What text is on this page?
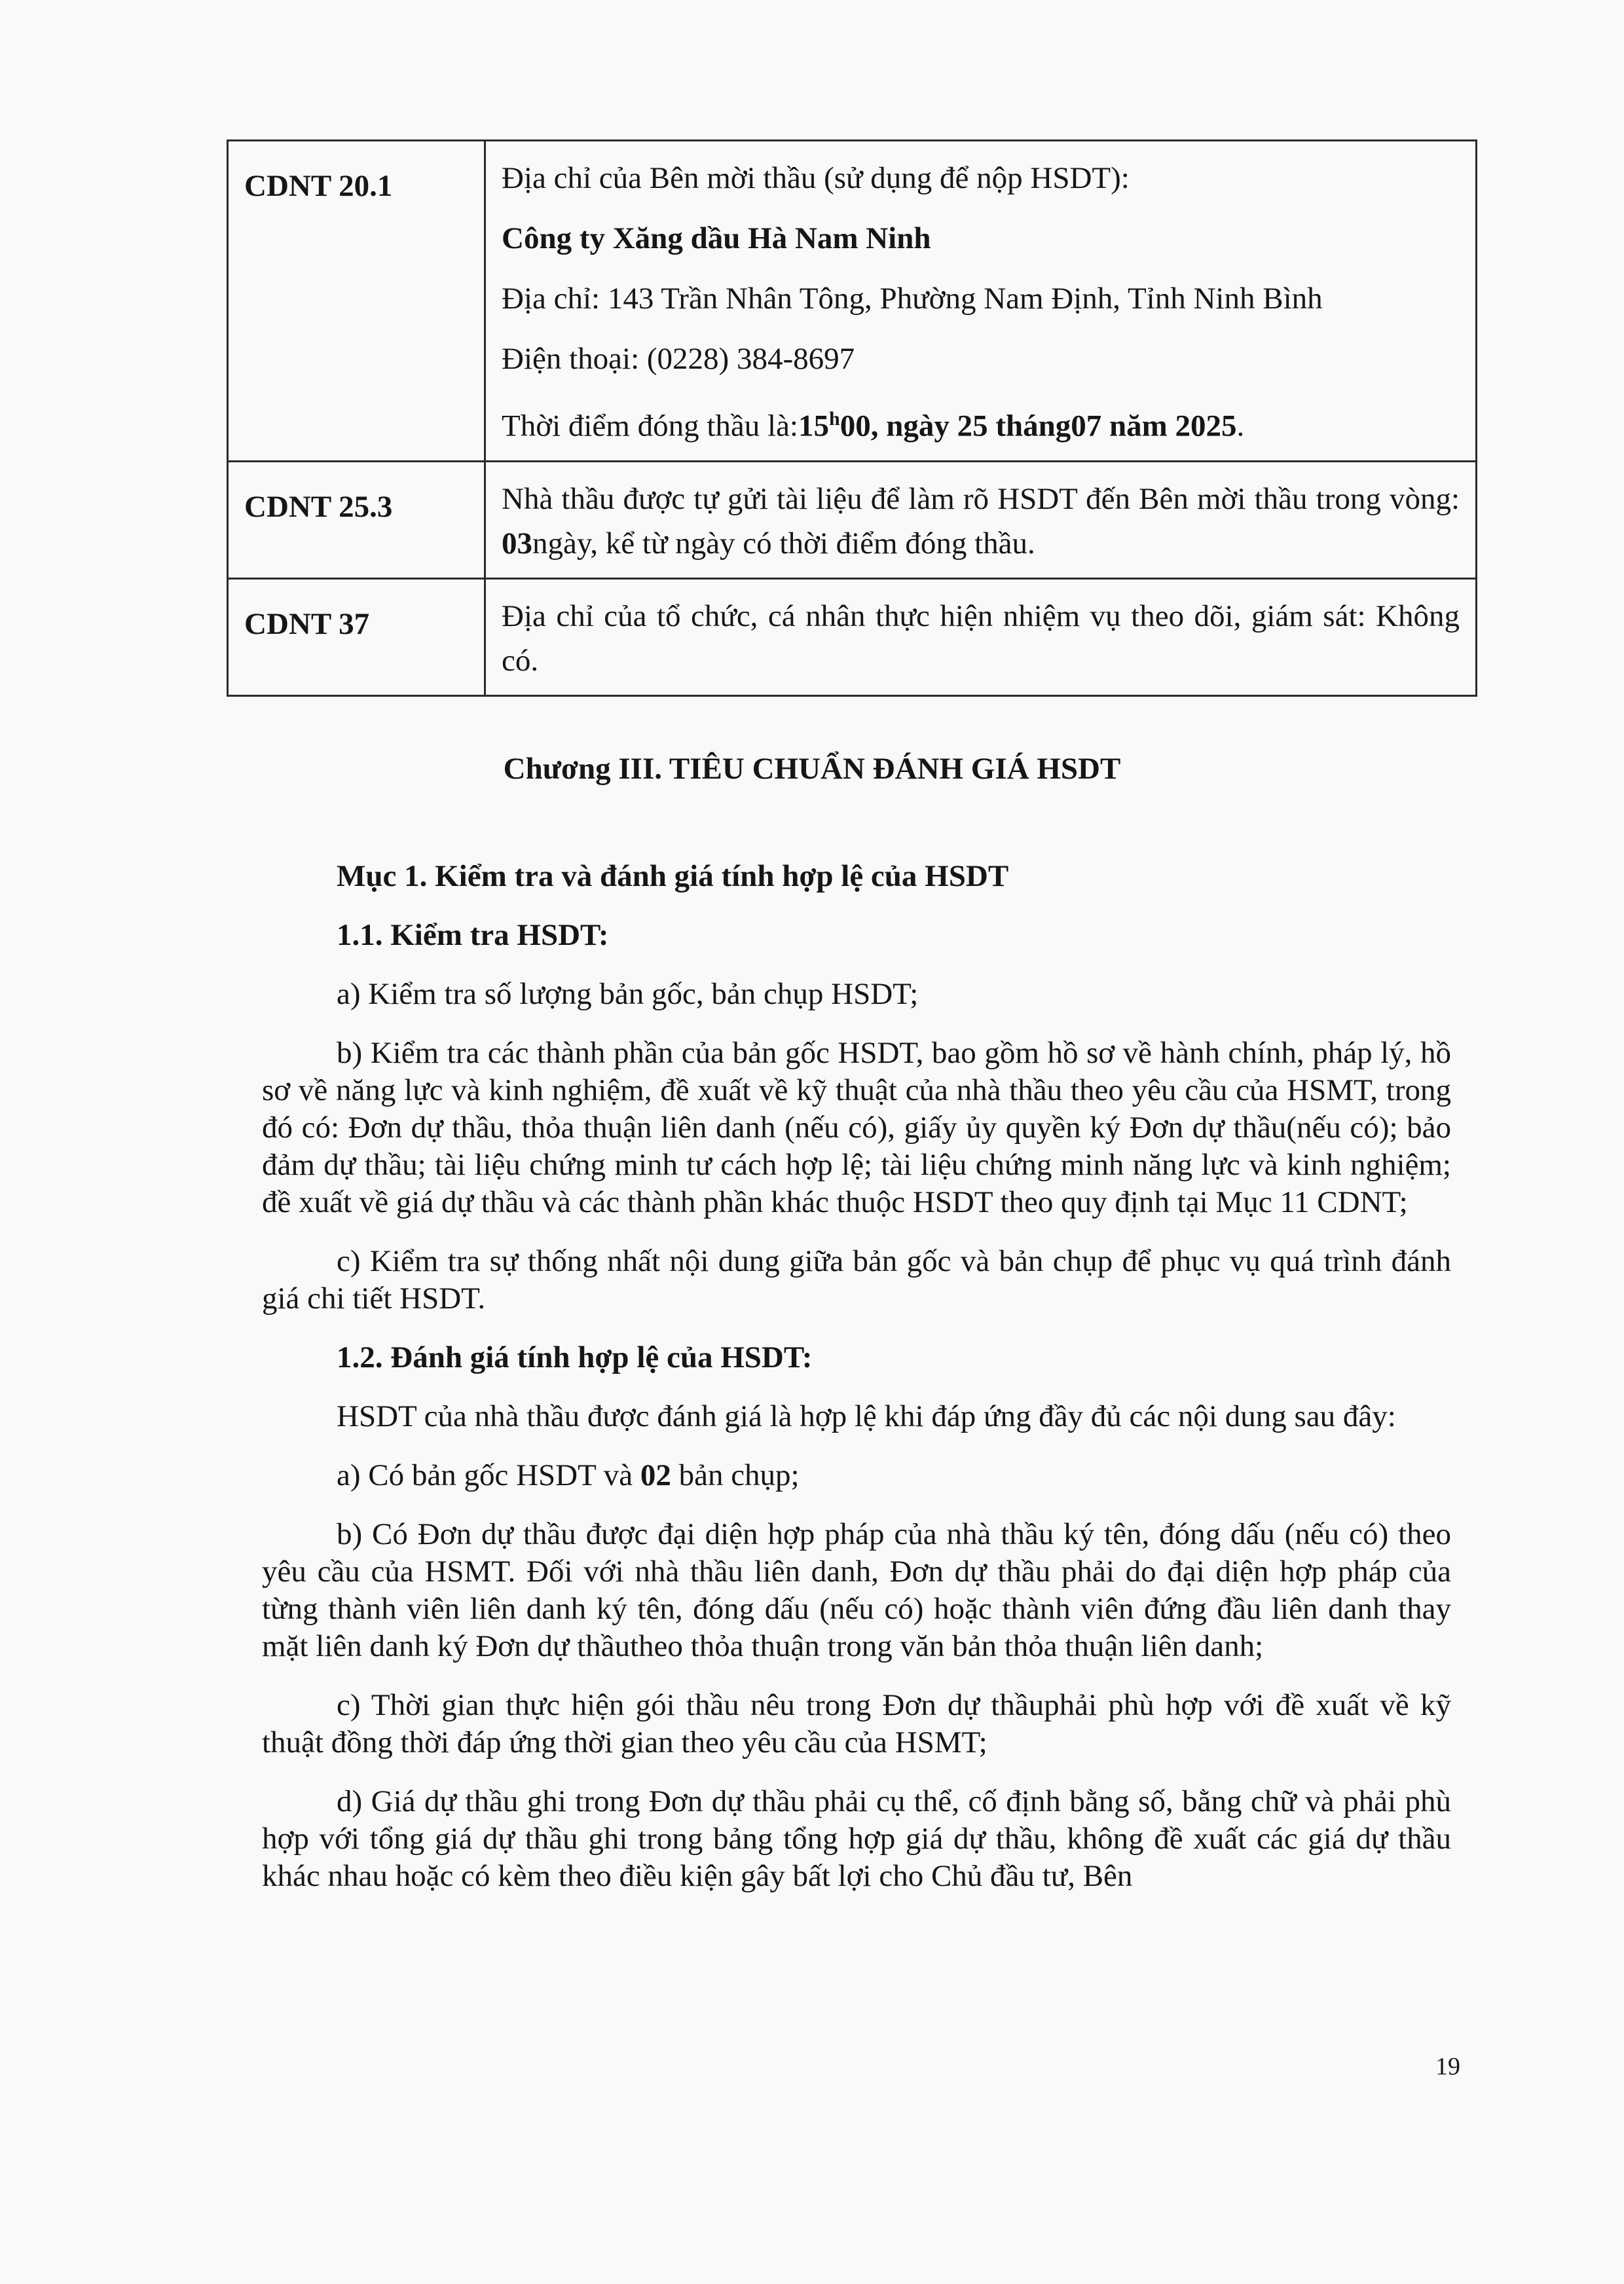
CDNT 20.1	Địa chỉ của Bên mời thầu (sử dụng để nộp HSDT):
Công ty Xăng dầu Hà Nam Ninh
Địa chỉ: 143 Trần Nhân Tông, Phường Nam Định, Tỉnh Ninh Bình
Điện thoại: (0228) 384-8697
Thời điểm đóng thầu là:15$^h$00, ngày 25 tháng07 năm 2025.

CDNT 25.3	Nhà thầu được tự gửi tài liệu để làm rõ HSDT đến Bên mời thầu trong vòng: 03ngày, kể từ ngày có thời điểm đóng thầu.
CDNT 37	Địa chỉ của tổ chức, cá nhân thực hiện nhiệm vụ theo dõi, giám sát: Không có.
Chương III. TIÊU CHUẨN ĐÁNH GIÁ HSDT

Mục 1. Kiểm tra và đánh giá tính hợp lệ của HSDT

1.1. Kiểm tra HSDT:

a) Kiểm tra số lượng bản gốc, bản chụp HSDT;

b) Kiểm tra các thành phần của bản gốc HSDT, bao gồm hồ sơ về hành chính, pháp lý, hồ sơ về năng lực và kinh nghiệm, đề xuất về kỹ thuật của nhà thầu theo yêu cầu của HSMT, trong đó có: Đơn dự thầu, thỏa thuận liên danh (nếu có), giấy ủy quyền ký Đơn dự thầu(nếu có); bảo đảm dự thầu; tài liệu chứng minh tư cách hợp lệ; tài liệu chứng minh năng lực và kinh nghiệm; đề xuất về giá dự thầu và các thành phần khác thuộc HSDT theo quy định tại Mục 11 CDNT;

c) Kiểm tra sự thống nhất nội dung giữa bản gốc và bản chụp để phục vụ quá trình đánh giá chi tiết HSDT.

1.2. Đánh giá tính hợp lệ của HSDT:

HSDT của nhà thầu được đánh giá là hợp lệ khi đáp ứng đầy đủ các nội dung sau đây:

a) Có bản gốc HSDT và 02 bản chụp;

b) Có Đơn dự thầu được đại diện hợp pháp của nhà thầu ký tên, đóng dấu (nếu có) theo yêu cầu của HSMT. Đối với nhà thầu liên danh, Đơn dự thầu phải do đại diện hợp pháp của từng thành viên liên danh ký tên, đóng dấu (nếu có) hoặc thành viên đứng đầu liên danh thay mặt liên danh ký Đơn dự thầutheo thỏa thuận trong văn bản thỏa thuận liên danh;

c) Thời gian thực hiện gói thầu nêu trong Đơn dự thầuphải phù hợp với đề xuất về kỹ thuật đồng thời đáp ứng thời gian theo yêu cầu của HSMT;

d) Giá dự thầu ghi trong Đơn dự thầu phải cụ thể, cố định bằng số, bằng chữ và phải phù hợp với tổng giá dự thầu ghi trong bảng tổng hợp giá dự thầu, không đề xuất các giá dự thầu khác nhau hoặc có kèm theo điều kiện gây bất lợi cho Chủ đầu tư, Bên

19
